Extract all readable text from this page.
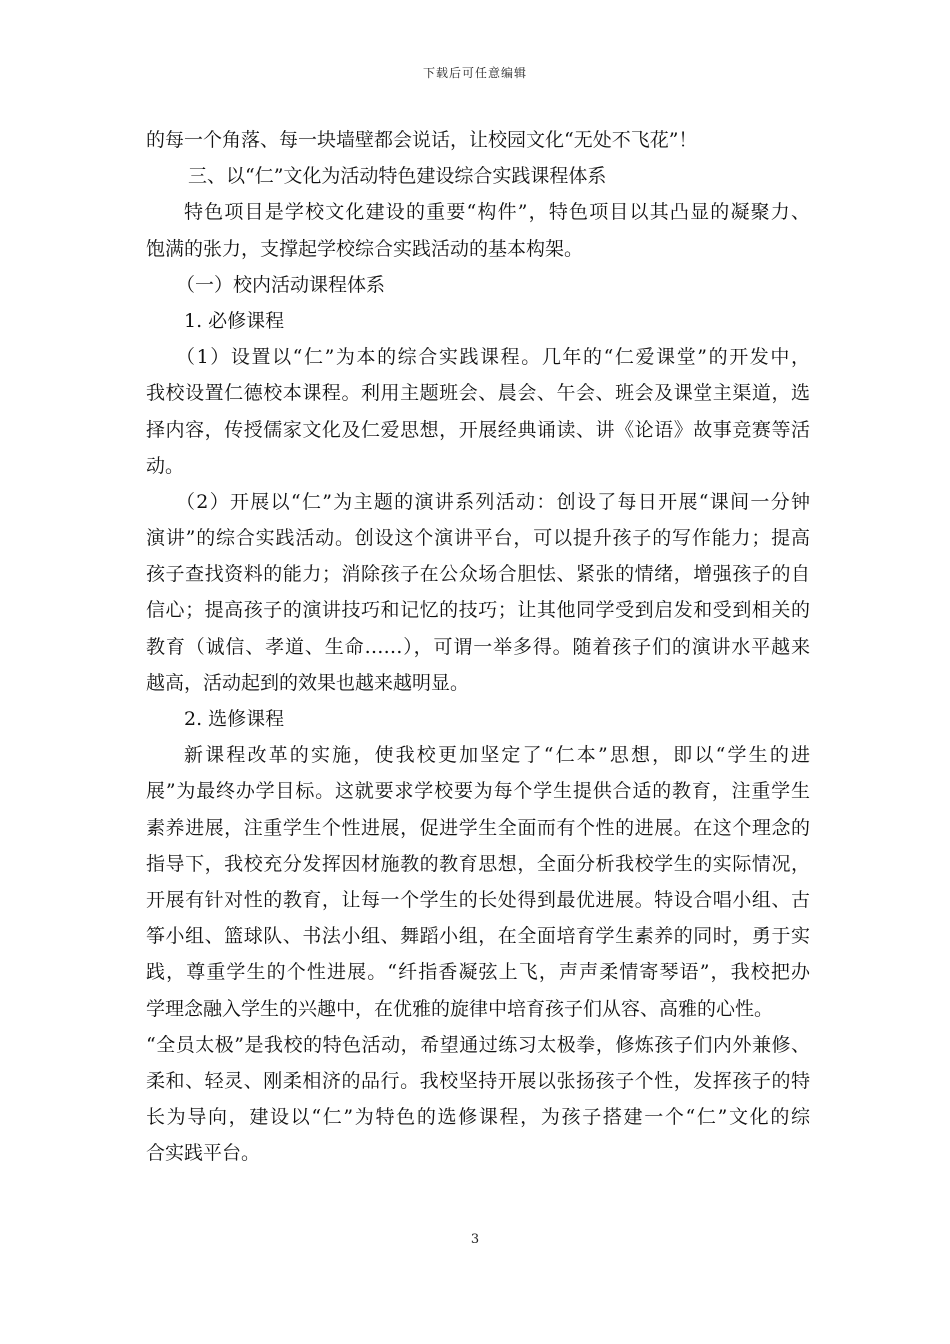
下载后可任意编辑
的每一个角落、每一块墙壁都会说话，让校园文化“无处不飞花”！
三、以“仁”文化为活动特色建设综合实践课程体系
特色项目是学校文化建设的重要“构件”，特色项目以其凸显的凝聚力、
饱满的张力，支撑起学校综合实践活动的基本构架。
（一）校内活动课程体系
1. 必修课程
（1）设置以“仁”为本的综合实践课程。几年的“仁爱课堂”的开发中，
我校设置仁德校本课程。利用主题班会、晨会、午会、班会及课堂主渠道，选
择内容，传授儒家文化及仁爱思想，开展经典诵读、讲《论语》故事竞赛等活
动。
（2）开展以“仁”为主题的演讲系列活动：创设了每日开展“课间一分钟
演讲”的综合实践活动。创设这个演讲平台，可以提升孩子的写作能力；提高
孩子查找资料的能力；消除孩子在公众场合胆怯、紧张的情绪，增强孩子的自
信心；提高孩子的演讲技巧和记忆的技巧；让其他同学受到启发和受到相关的
教育（诚信、孝道、生命……），可谓一举多得。随着孩子们的演讲水平越来
越高，活动起到的效果也越来越明显。
2. 选修课程
新课程改革的实施，使我校更加坚定了“仁本”思想，即以“学生的进
展”为最终办学目标。这就要求学校要为每个学生提供合适的教育，注重学生
素养进展，注重学生个性进展，促进学生全面而有个性的进展。在这个理念的
指导下，我校充分发挥因材施教的教育思想，全面分析我校学生的实际情况，
开展有针对性的教育，让每一个学生的长处得到最优进展。特设合唱小组、古
筝小组、篮球队、书法小组、舞蹈小组，在全面培育学生素养的同时，勇于实
践，尊重学生的个性进展。“纤指香凝弦上飞，声声柔情寄琴语”，我校把办
学理念融入学生的兴趣中，在优雅的旋律中培育孩子们从容、高雅的心性。
“全员太极”是我校的特色活动，希望通过练习太极拳，修炼孩子们内外兼修、
柔和、轻灵、刚柔相济的品行。我校坚持开展以张扬孩子个性，发挥孩子的特
长为导向，建设以“仁”为特色的选修课程，为孩子搭建一个“仁”文化的综
合实践平台。
3
